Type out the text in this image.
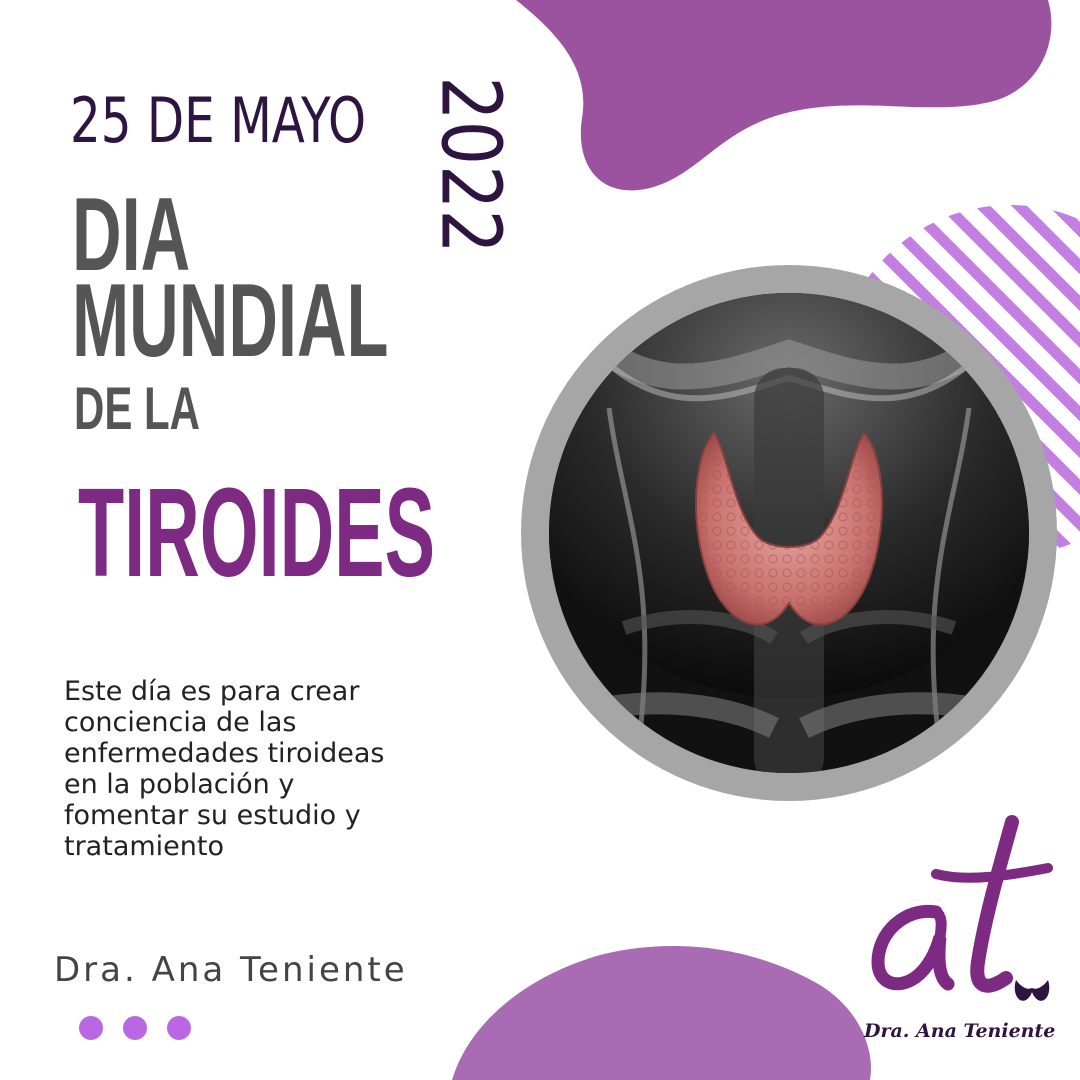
25 DE MAYO 2022
DIA
MUNDIAL
DE LA
TIROIDES
Este día es para crear
conciencia de las
enfermedades tiroideas
en la población y
fomentar su estudio y
tratamiento
Dra. Ana Teniente
Dra. Ana Teniente
